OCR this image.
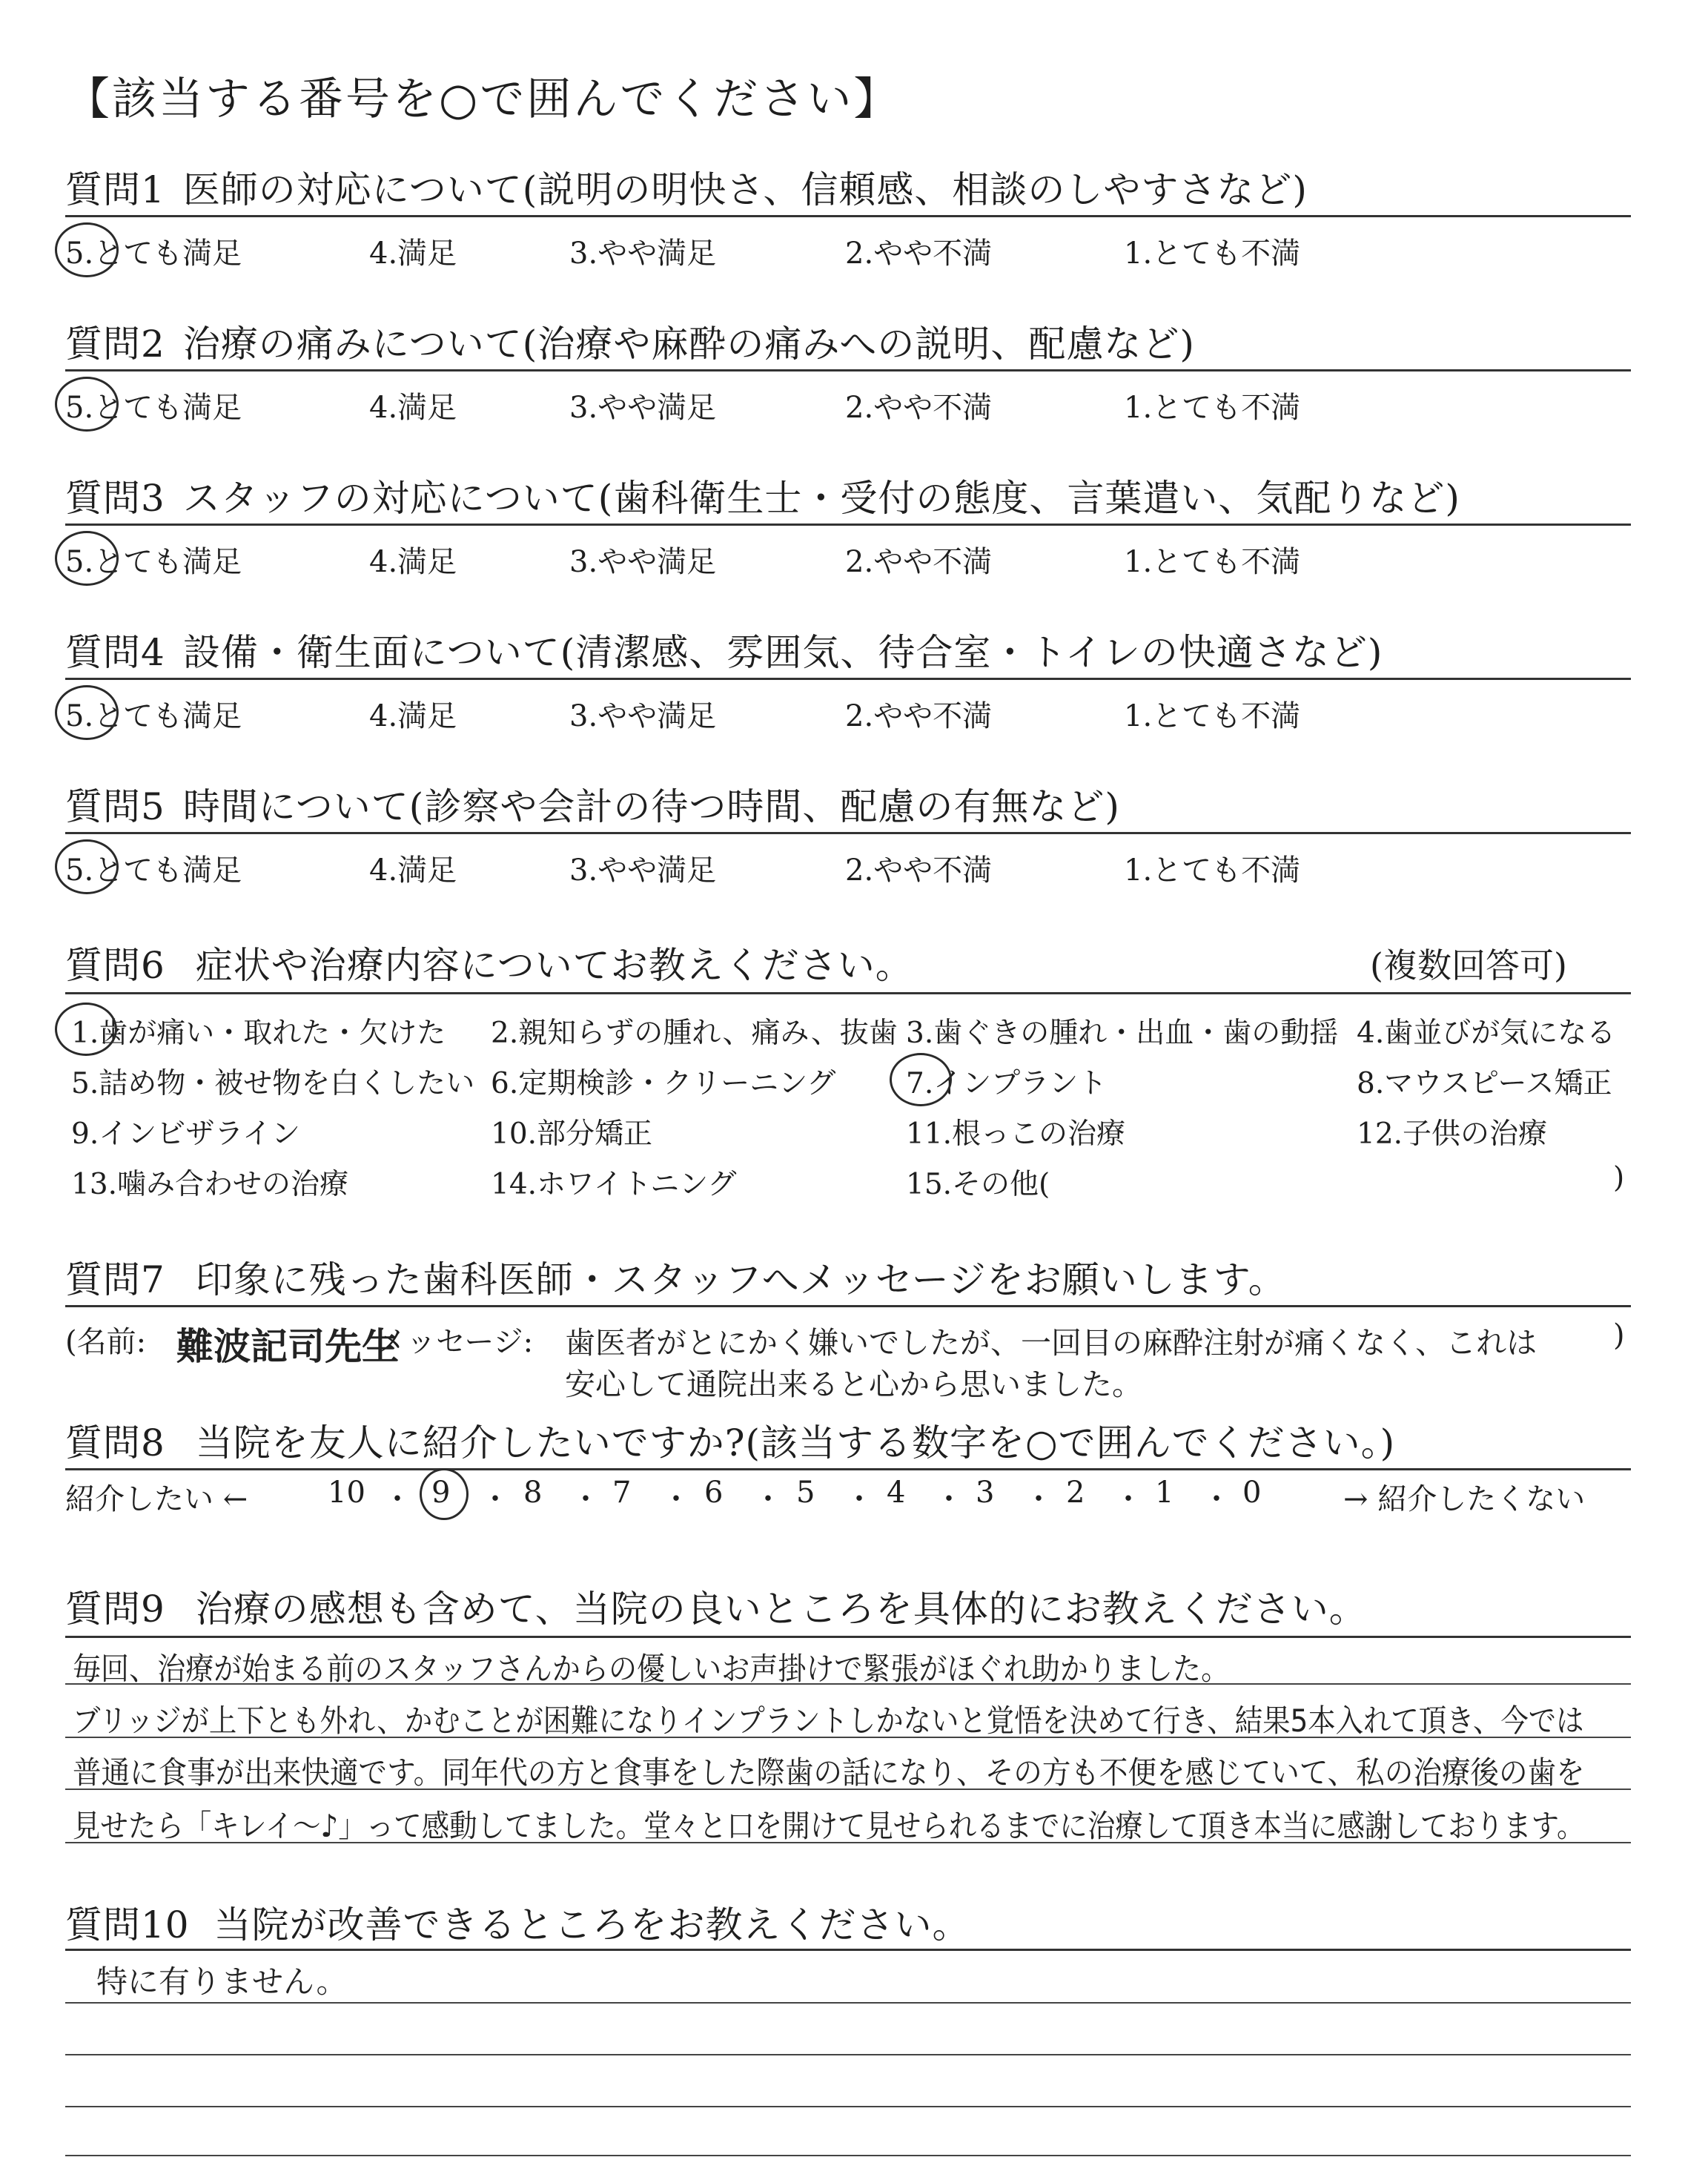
【該当する番号を○で囲んでください】
質問1 医師の対応について(説明の明快さ、信頼感、相談のしやすさなど)
5.とても満足	4.満足	3.やや満足	2.やや不満	1.とても不満
質問2 治療の痛みについて(治療や麻酔の痛みへの説明、配慮など)
5.とても満足	4.満足	3.やや満足	2.やや不満	1.とても不満
質問3 スタッフの対応について(歯科衛生士・受付の態度、言葉遣い、気配りなど)
5.とても満足	4.満足	3.やや満足	2.やや不満	1.とても不満
質問4 設備・衛生面について(清潔感、雰囲気、待合室・トイレの快適さなど)
5.とても満足	4.満足	3.やや満足	2.やや不満	1.とても不満
質問5 時間について(診察や会計の待つ時間、配慮の有無など)
5.とても満足	4.満足	3.やや満足	2.やや不満	1.とても不満
質問6 症状や治療内容についてお教えください。	(複数回答可)
1.歯が痛い・取れた・欠けた 2.親知らずの腫れ、痛み、抜歯 3.歯ぐきの腫れ・出血・歯の動揺 4.歯並びが気になる
5.詰め物・被せ物を白くしたい 6.定期検診・クリーニング 7.インプラント	8.マウスピース矯正
9.インビザライン	10.部分矯正	11.根っこの治療	12.子供の治療
13.噛み合わせの治療	14.ホワイトニング	15.その他(	)
質問7 印象に残った歯科医師・スタッフへメッセージをお願いします。
(名前: 難波記司先生
メッセージ: 歯医者がとにかく嫌いでしたが、一回目の麻酔注射が痛くなく、これは
安心して通院出来ると心から思いました。
)
質問8 当院を友人に紹介したいですか?(該当する数字を○で囲んでください。)
紹介したい ←	10 ・ 9 ・ 8 ・ 7 ・ 6 ・ 5 ・ 4 ・ 3 ・ 2 ・ 1 ・ 0	→ 紹介したくない
質問9 治療の感想も含めて、当院の良いところを具体的にお教えください。
毎回、治療が始まる前のスタッフさんからの優しいお声掛けで緊張がほぐれ助かりました。
ブリッジが上下とも外れ、かむことが困難になりインプラントしかないと覚悟を決めて行き、結果5本入れて頂き、今では
普通に食事が出来快適です。同年代の方と食事をした際歯の話になり、その方も不便を感じていて、私の治療後の歯を
見せたら「キレイ〜♪」って感動してました。堂々と口を開けて見せられるまでに治療して頂き本当に感謝しております。
質問10 当院が改善できるところをお教えください。
特に有りません。
